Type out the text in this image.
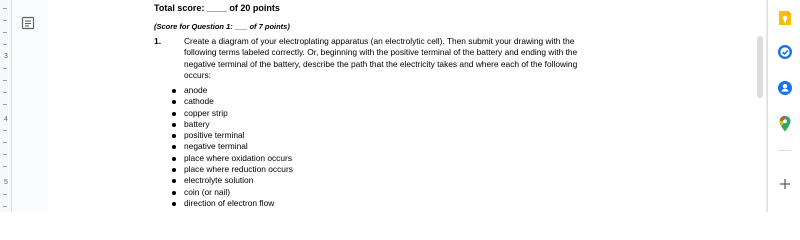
3
4
5
Total score: ____ of 20 points
(Score for Question 1: ___ of 7 points)
1.	Create a diagram of your electroplating apparatus (an electrolytic cell). Then submit your drawing with the
following terms labeled correctly. Or, beginning with the positive terminal of the battery and ending with the
negative terminal of the battery, describe the path that the electricity takes and where each of the following
occurs:
anode
cathode
copper strip
battery
positive terminal
negative terminal
place where oxidation occurs
place where reduction occurs
electrolyte solution
coin (or nail)
direction of electron flow
